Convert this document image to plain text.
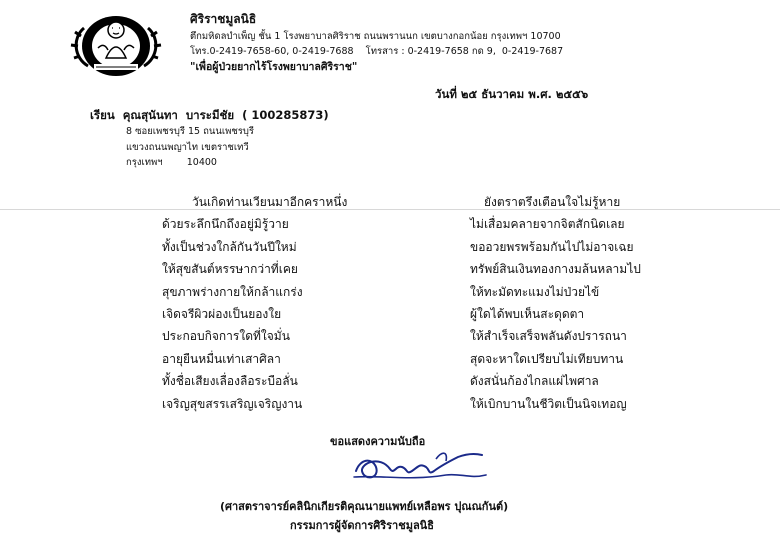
ศิริราชมูลนิธิ
ตึกมหิดลบำเพ็ญ ชั้น 1 โรงพยาบาลศิริราช ถนนพรานนก เขตบางกอกน้อย กรุงเทพฯ 10700
โทร.0-2419-7658-60, 0-2419-7688    โทรสาร : 0-2419-7658 กด 9,  0-2419-7687
"เพื่อผู้ป่วยยากไร้โรงพยาบาลศิริราช"
วันที่ ๒๕ ธันวาคม พ.ศ. ๒๕๕๖
เรียน  คุณสุนันทา  บาระมีชัย  ( 100285873)
8 ซอยเพชรบุรี 15 ถนนเพชรบุรี
แขวงถนนพญาไท เขตราชเทวี
กรุงเทพฯ        10400
วันเกิดท่านเวียนมาอีกคราหนึ่ง
ด้วยระลึกนึกถึงอยู่มิรู้วาย
ทั้งเป็นช่วงใกล้กันวันปีใหม่
ให้สุขสันต์หรรษากว่าที่เคย
สุขภาพร่างกายให้กล้าแกร่ง
เจิดจรีผิวผ่องเป็นยองใย
ประกอบกิจการใดที่ใจมั่น
อายุยืนหมื่นเท่าเสาศิลา
ทั้งชื่อเสียงเลื่องลือระบือลั่น
เจริญสุขสรรเสริญเจริญงาน
ยังตราตรึงเตือนใจไม่รู้หาย
ไม่เสื่อมคลายจากจิตสักนิดเลย
ขออวยพรพร้อมกันไปไม่อาจเฉย
ทรัพย์สินเงินทองกางมล้นหลามไป
ให้ทะมัดทะแมงไม่ป่วยไข้
ผู้ใดได้พบเห็นสะดุดตา
ให้สำเร็จเสร็จพลันดังปรารถนา
สุดจะหาใดเปรียบไม่เทียบทาน
ดังสนั่นก้องไกลแผ่ไพศาล
ให้เบิกบานในชีวิตเป็นนิจเทอญ
ขอแสดงความนับถือ
(ศาสตราจารย์คลินิกเกียรติคุณนายแพทย์เหลือพร ปุณณกันต์)
กรรมการผู้จัดการศิริราชมูลนิธิ
